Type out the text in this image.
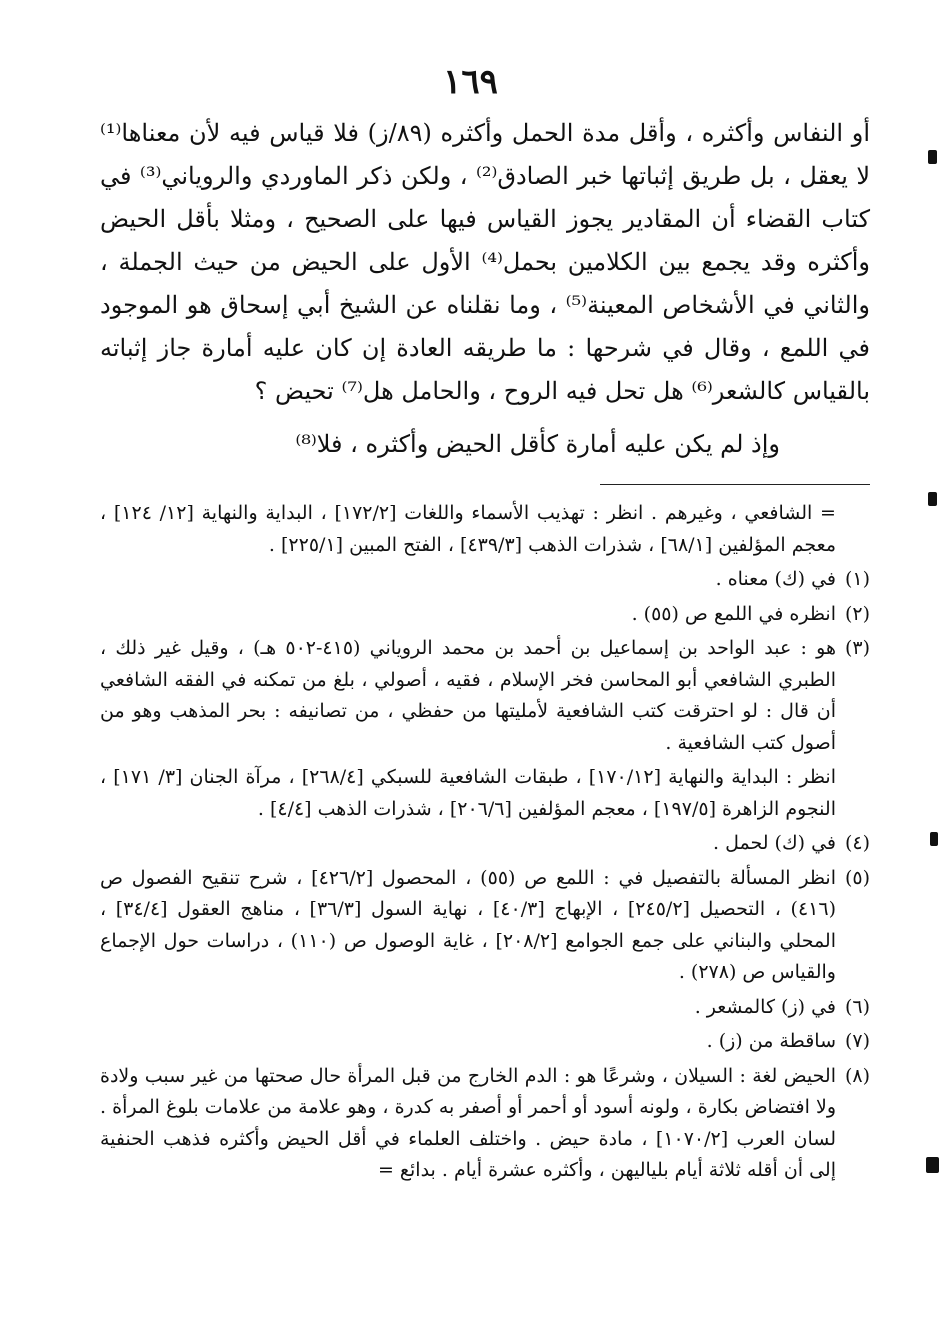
١٦٩

أو النفاس وأكثره ، وأقل مدة الحمل وأكثره (٨٩/ز) فلا قياس فيه لأن معناها⁽¹⁾ لا يعقل ، بل طريق إثباتها خبر الصادق⁽²⁾ ، ولكن ذكر الماوردي والروياني⁽³⁾ في كتاب القضاء أن المقادير يجوز القياس فيها على الصحيح ، ومثلا بأقل الحيض وأكثره وقد يجمع بين الكلامين بحمل⁽⁴⁾ الأول على الحيض من حيث الجملة ، والثاني في الأشخاص المعينة⁽⁵⁾ ، وما نقلناه عن الشيخ أبي إسحاق هو الموجود في اللمع ، وقال في شرحها : ما طريقه العادة إن كان عليه أمارة جاز إثباته بالقياس كالشعر⁽⁶⁾ هل تحل فيه الروح ، والحامل هل⁽⁷⁾ تحيض ؟

وإذ لم يكن عليه أمارة كأقل الحيض وأكثره ، فلا⁽⁸⁾

= الشافعي ، وغيرهم . انظر : تهذيب الأسماء واللغات [١٧٢/٢] ، البداية والنهاية [١٢/ ١٢٤] ، معجم المؤلفين [٦٨/١] ، شذرات الذهب [٤٣٩/٣] ، الفتح المبين [٢٢٥/١] .

(١)
في (ك) معناه .
(٢)
انظره في اللمع ص (٥٥) .
(٣)
هو : عبد الواحد بن إسماعيل بن أحمد بن محمد الروياني (٤١٥-٥٠٢ هـ) ، وقيل غير ذلك ، الطبري الشافعي أبو المحاسن فخر الإسلام ، فقيه ، أصولي ، بلغ من تمكنه في الفقه الشافعي أن قال : لو احترقت كتب الشافعية لأمليتها من حفظي ، من تصانيفه : بحر المذهب وهو من أصول كتب الشافعية .
انظر : البداية والنهاية [١٧٠/١٢] ، طبقات الشافعية للسبكي [٢٦٨/٤] ، مرآة الجنان [٣/ ١٧١] ، النجوم الزاهرة [١٩٧/٥] ، معجم المؤلفين [٢٠٦/٦] ، شذرات الذهب [٤/٤] .
(٤)
في (ك) لحمل .
(٥)
انظر المسألة بالتفصيل في : اللمع ص (٥٥) ، المحصول [٤٢٦/٢] ، شرح تنقيح الفصول ص (٤١٦) ، التحصيل [٢٤٥/٢] ، الإبهاج [٤٠/٣] ، نهاية السول [٣٦/٣] ، مناهج العقول [٣٤/٤] ، المحلي والبناني على جمع الجوامع [٢٠٨/٢] ، غاية الوصول ص (١١٠) ، دراسات حول الإجماع والقياس ص (٢٧٨) .
(٦)
في (ز) كالمشعر .
(٧)
ساقطة من (ز) .
(٨)
الحيض لغة : السيلان ، وشرعًا هو : الدم الخارج من قبل المرأة حال صحتها من غير سبب ولادة ولا افتضاض بكارة ، ولونه أسود أو أحمر أو أصفر به كدرة ، وهو علامة من علامات بلوغ المرأة . لسان العرب [١٠٧٠/٢] ، مادة حيض . واختلف العلماء في أقل الحيض وأكثره فذهب الحنفية إلى أن أقله ثلاثة أيام بلياليهن ، وأكثره عشرة أيام . بدائع =
